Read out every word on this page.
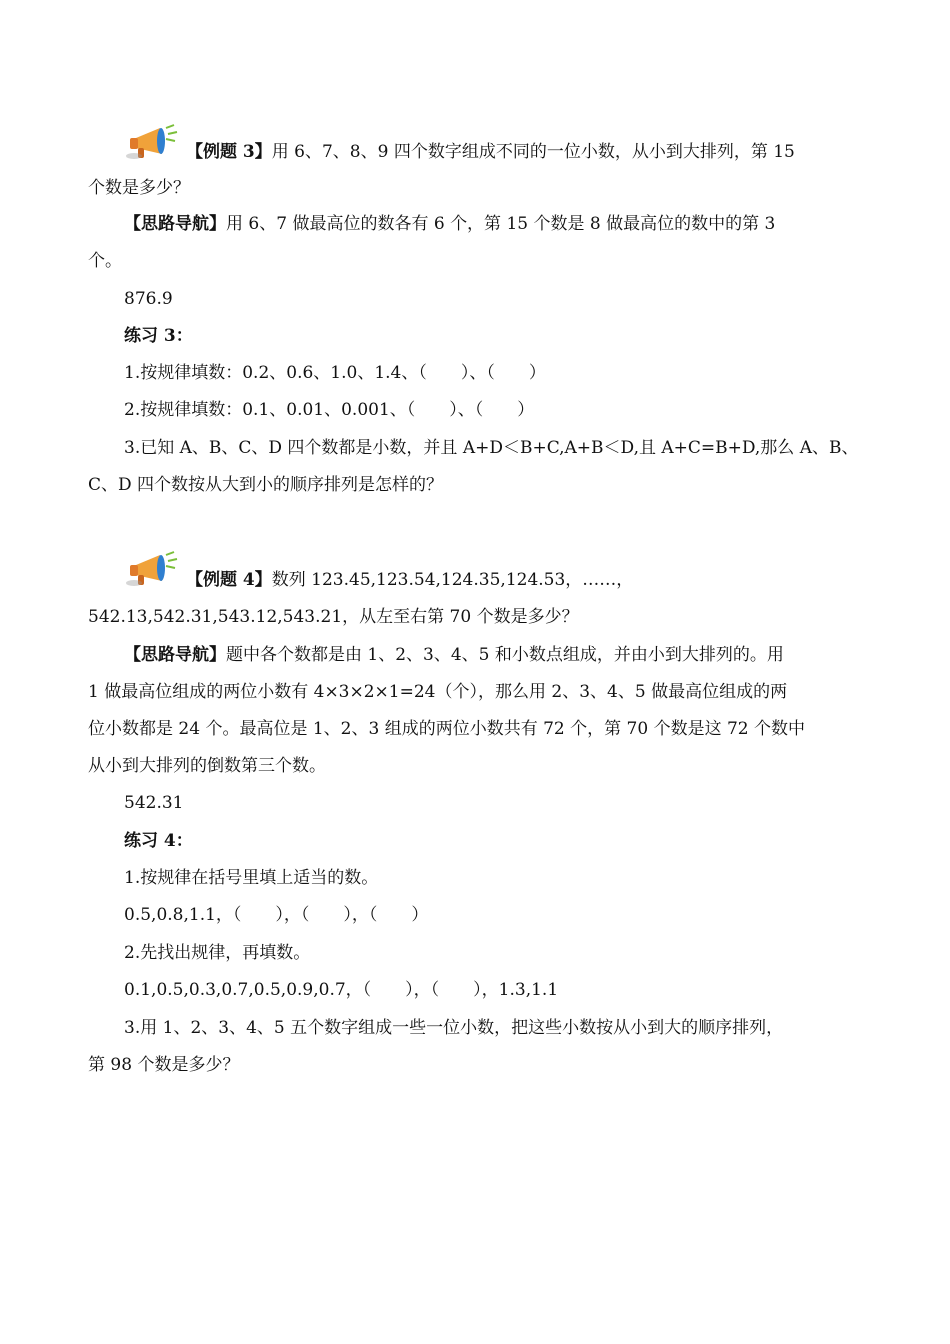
【例题 3】用 6、7、8、9 四个数字组成不同的一位小数，从小到大排列，第 15
个数是多少？
【思路导航】用 6、7 做最高位的数各有 6 个，第 15 个数是 8 做最高位的数中的第 3
个。
876.9
练习 3：
1.按规律填数：0.2、0.6、1.0、1.4、（　　）、（　　）
2.按规律填数：0.1、0.01、0.001、（　　）、（　　）
3.已知 A、B、C、D 四个数都是小数，并且 A+D＜B+C,A+B＜D,且 A+C=B+D,那么 A、B、
C、D 四个数按从大到小的顺序排列是怎样的？
【例题 4】数列 123.45,123.54,124.35,124.53，……，
542.13,542.31,543.12,543.21，从左至右第 70 个数是多少？
【思路导航】题中各个数都是由 1、2、3、4、5 和小数点组成，并由小到大排列的。用
1 做最高位组成的两位小数有 4×3×2×1=24（个），那么用 2、3、4、5 做最高位组成的两
位小数都是 24 个。最高位是 1、2、3 组成的两位小数共有 72 个，第 70 个数是这 72 个数中
从小到大排列的倒数第三个数。
542.31
练习 4：
1.按规律在括号里填上适当的数。
0.5,0.8,1.1，（　　），（　　），（　　）
2.先找出规律，再填数。
0.1,0.5,0.3,0.7,0.5,0.9,0.7，（　　），（　　），1.3,1.1
3.用 1、2、3、4、5 五个数字组成一些一位小数，把这些小数按从小到大的顺序排列，
第 98 个数是多少？
